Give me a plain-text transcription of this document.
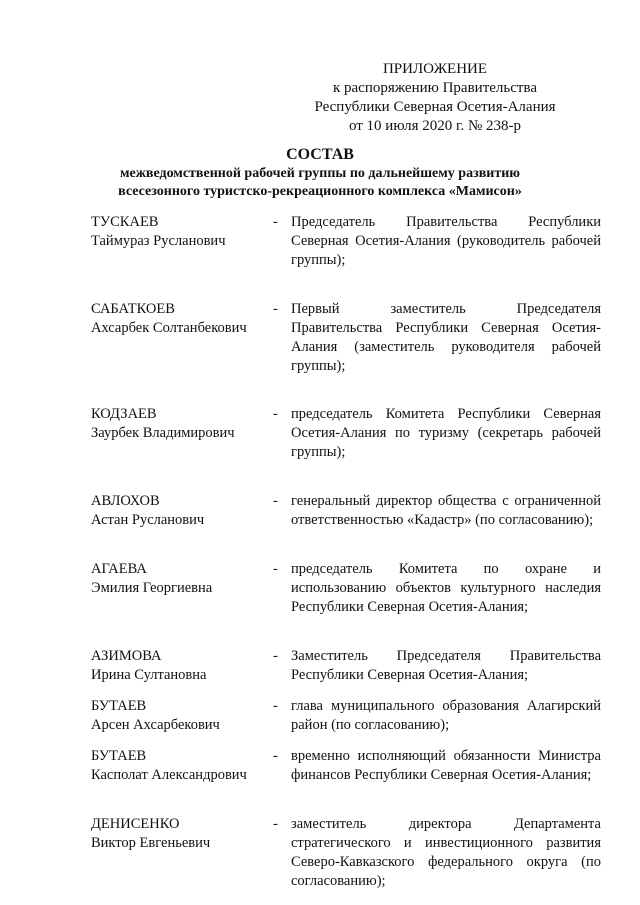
ПРИЛОЖЕНИЕ
к распоряжению Правительства
Республики Северная Осетия-Алания
от 10 июля 2020 г. № 238-р
СОСТАВ
межведомственной рабочей группы по дальнейшему развитию
всесезонного туристско-рекреационного комплекса «Мамисон»
ТУСКАЕВ
Таймураз Русланович
- Председатель Правительства Республики Северная Осетия-Алания (руководитель рабочей группы);
САБАТКОЕВ
Ахсарбек Солтанбекович
- Первый заместитель Председателя Правительства Республики Северная Осетия-Алания (заместитель руководителя рабочей группы);
КОДЗАЕВ
Заурбек Владимирович
- председатель Комитета Республики Северная Осетия-Алания по туризму (секретарь рабочей группы);
АВЛОХОВ
Астан Русланович
- генеральный директор общества с ограниченной ответственностью «Кадастр» (по согласованию);
АГАЕВА
Эмилия Георгиевна
- председатель Комитета по охране и использованию объектов культурного наследия Республики Северная Осетия-Алания;
АЗИМОВА
Ирина Султановна
- Заместитель Председателя Правительства Республики Северная Осетия-Алания;
БУТАЕВ
Арсен Ахсарбекович
- глава муниципального образования Алагирский район (по согласованию);
БУТАЕВ
Касполат Александрович
- временно исполняющий обязанности Министра финансов Республики Северная Осетия-Алания;
ДЕНИСЕНКО
Виктор Евгеньевич
- заместитель директора Департамента стратегического и инвестиционного развития Северо-Кавказского федерального округа (по согласованию);
